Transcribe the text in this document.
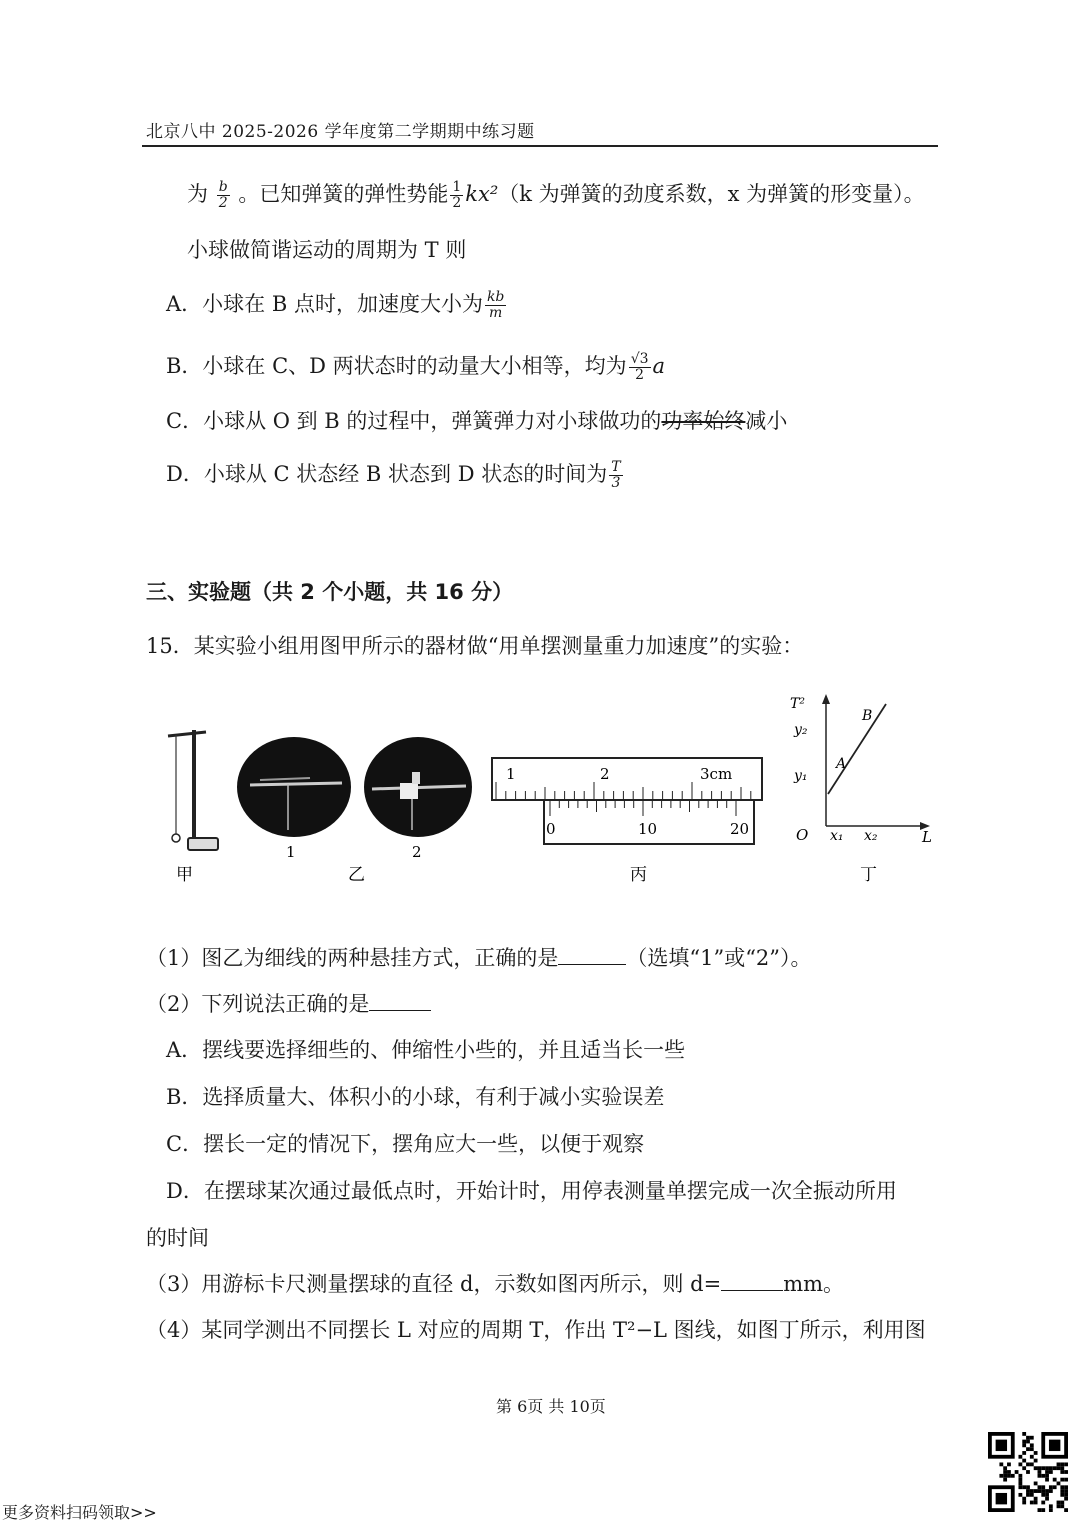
北京八中 2025-2026 学年度第二学期期中练习题
为 $\frac{b}{2}$ 。已知弹簧的弹性势能 $\frac{1}{2} kx^2(k$ 为弹簧的劲度系数，x 为弹簧的形变量）。
小球做简谐运动的周期为 T 则
A．小球在 B 点时，加速度大小为 $\frac{kb}{m}$
B．小球在 C、D 两状态时的动量大小相等，均为 $\frac{√3}{2}$ a
C．小球从 O 到 B 的过程中，弹簧弹力对小球做功的功率始终减小
D．小球从 C 状态经 B 状态到 D 状态的时间为 $\frac{T}{3}$
三、实验题（共 2 个小题，共 16 分）
15．某实验小组用图甲所示的器材做“用单摆测量重力加速度”的实验：
甲
1	2
乙
1	2	3cm
0	10	20
丙
T²
y₂
y₁
B
A
O x₁ x₂	L
丁
（1）图乙为细线的两种悬挂方式，正确的是	（选填“1”或“2”）。
（2）下列说法正确的是
A．摆线要选择细些的、伸缩性小些的，并且适当长一些
B．选择质量大、体积小的小球，有利于减小实验误差
C．摆长一定的情况下，摆角应大一些，以便于观察
D．在摆球某次通过最低点时，开始计时，用停表测量单摆完成一次全振动所用
的时间
（3）用游标卡尺测量摆球的直径 d，示数如图丙所示，则 d=	mm。
（4）某同学测出不同摆长 L 对应的周期 T，作出 T²−L 图线，如图丁所示，利用图
第 6页 共 10页
更多资料扫码领取>>
